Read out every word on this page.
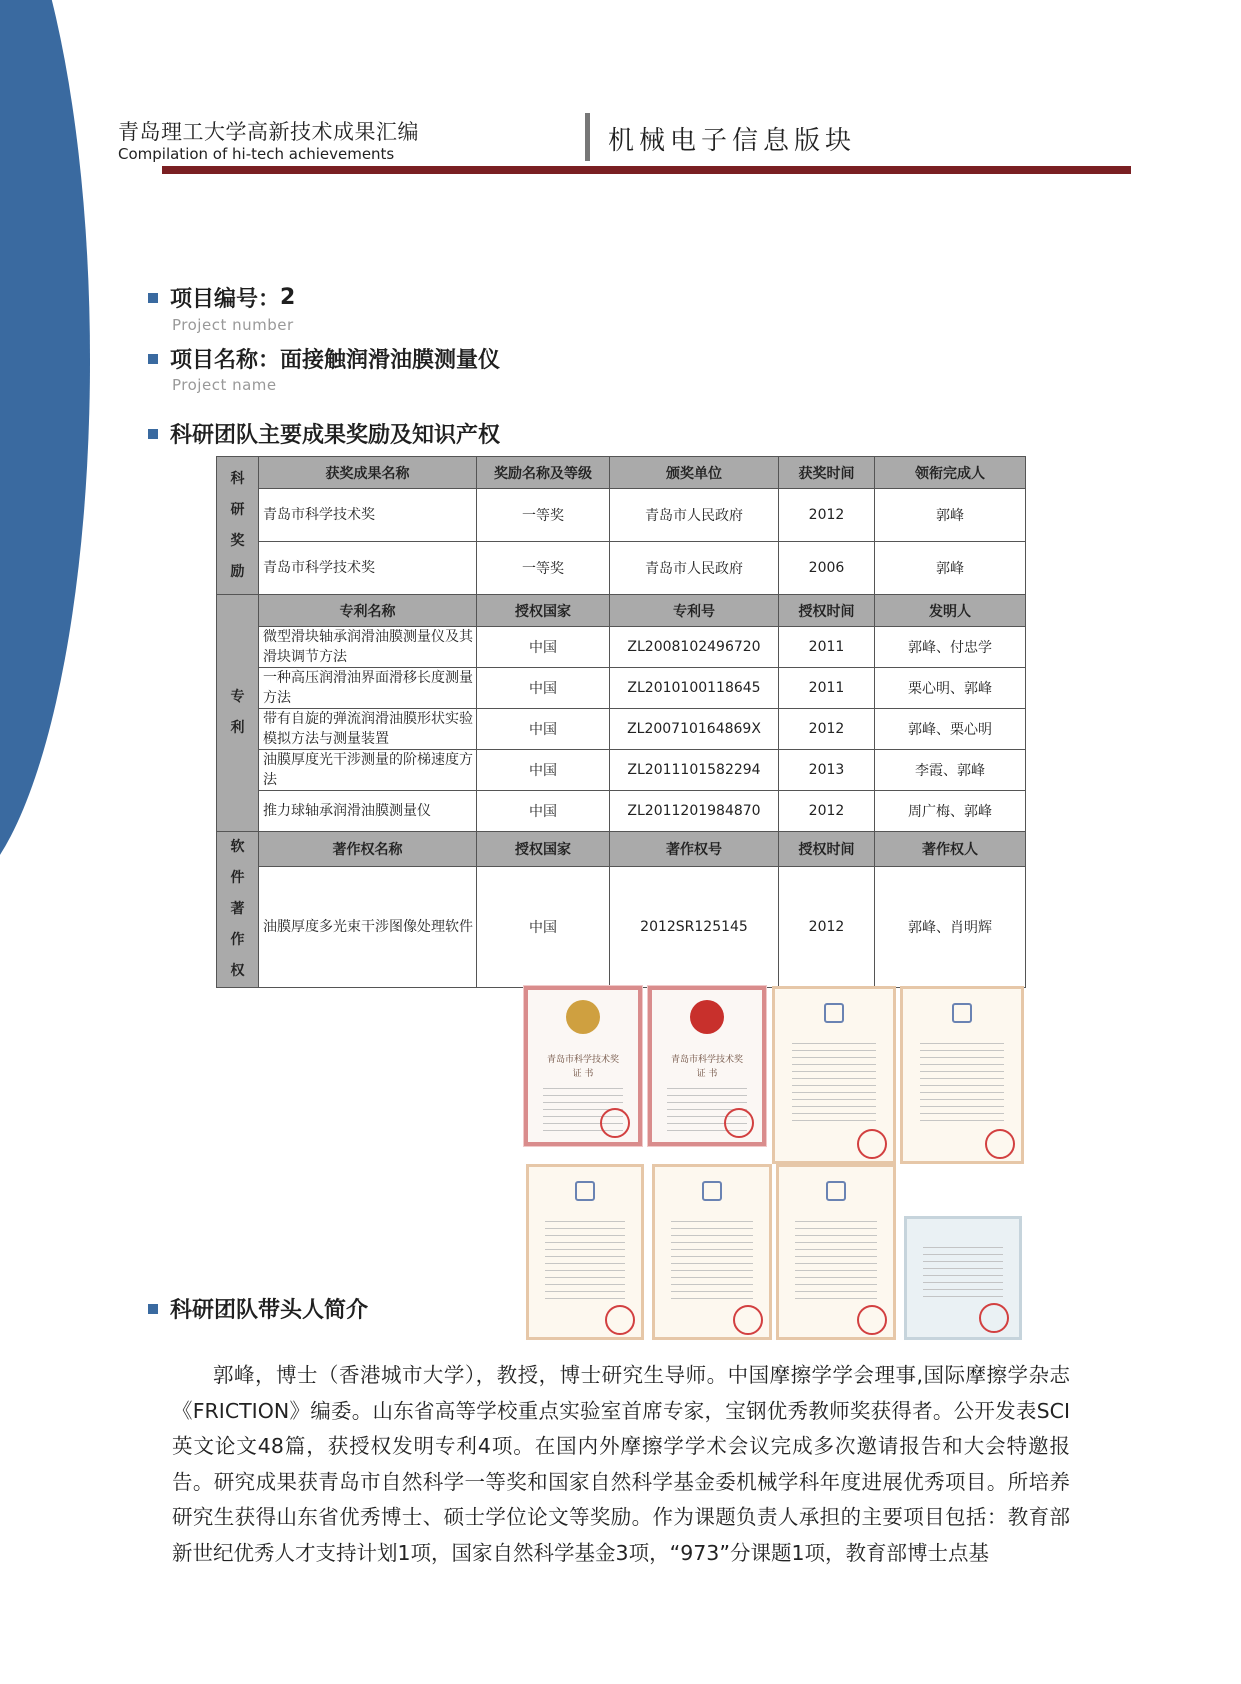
青岛理工大学高新技术成果汇编
Compilation of hi-tech achievements	机械电子信息版块
项目编号： 2
Project number
项目名称： 面接触润滑油膜测量仪
Project name
科研团队主要成果奖励及知识产权
科
研
奖
励	获奖成果名称	奖励名称及等级	颁奖单位	获奖时间	领衔完成人
	青岛市科学技术奖	一等奖	青岛市人民政府	2012	郭峰
	青岛市科学技术奖	一等奖	青岛市人民政府	2006	郭峰

专
利	专利名称	授权国家	专利号	授权时间	发明人
	微型滑块轴承润滑油膜测量仪及其滑块调节方法	中国	ZL2008102496720	2011	郭峰、付忠学
	一种高压润滑油界面滑移长度测量方法	中国	ZL2010100118645	2011	栗心明、郭峰
	带有自旋的弹流润滑油膜形状实验模拟方法与测量装置	中国	ZL200710164869X	2012	郭峰、栗心明
	油膜厚度光干涉测量的阶梯速度方法	中国	ZL2011101582294	2013	李霞、郭峰
	推力球轴承润滑油膜测量仪	中国	ZL2011201984870	2012	周广梅、郭峰

软
件
著
作
权	著作权名称	授权国家	著作权号	授权时间	著作权人
	油膜厚度多光束干涉图像处理软件	中国	2012SR125145	2012	郭峰、肖明辉
青岛市科学技术奖
证 书
青岛市科学技术奖
证 书
科研团队带头人简介
郭峰，博士（香港城市大学），教授，博士研究生导师。中国摩擦学学会理事,国际摩擦学杂志《FRICTION》编委。山东省高等学校重点实验室首席专家，宝钢优秀教师奖获得者。公开发表SCI英文论文48篇，获授权发明专利4项。在国内外摩擦学学术会议完成多次邀请报告和大会特邀报告。研究成果获青岛市自然科学一等奖和国家自然科学基金委机械学科年度进展优秀项目。所培养研究生获得山东省优秀博士、硕士学位论文等奖励。作为课题负责人承担的主要项目包括：教育部新世纪优秀人才支持计划1项，国家自然科学基金3项，“973”分课题1项，教育部博士点基
